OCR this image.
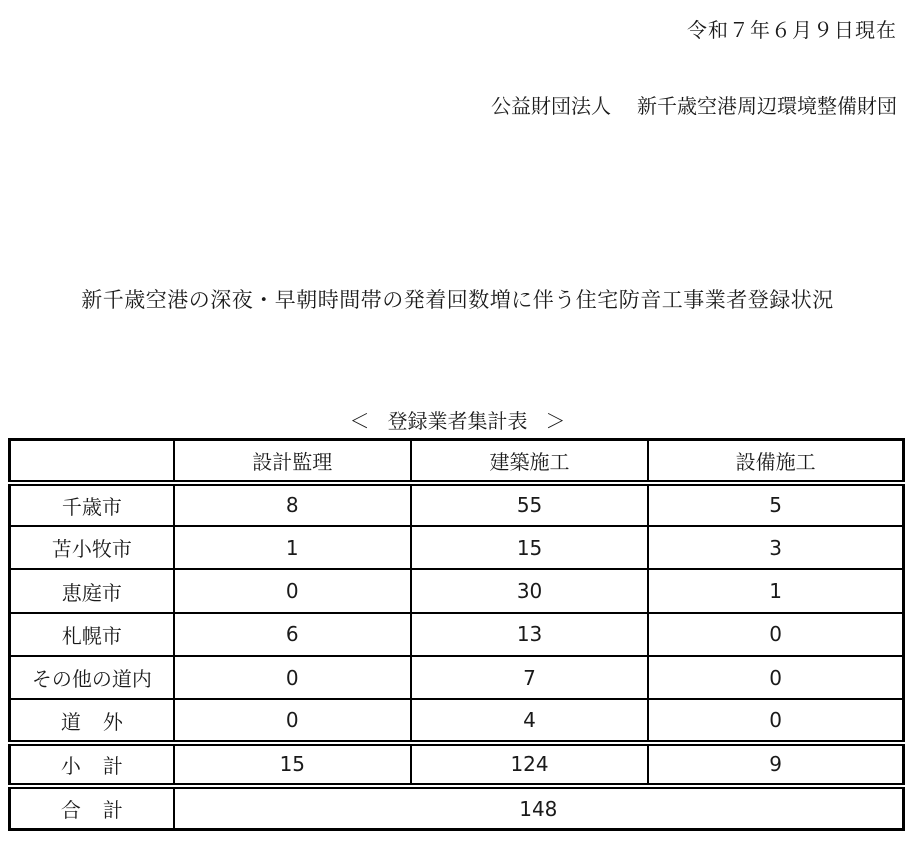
令和７年６月９日現在
公益財団法人 新千歳空港周辺環境整備財団
新千歳空港の深夜・早朝時間帯の発着回数増に伴う住宅防音工事業者登録状況
＜ 登録業者集計表 ＞
	設計監理	建築施工	設備施工
千歳市	8	55	5
苫小牧市	1	15	3
恵庭市	0	30	1
札幌市	6	13	0
その他の道内	0	7	0
道 外	0	4	0
小 計	15	124	9
合 計	148		
